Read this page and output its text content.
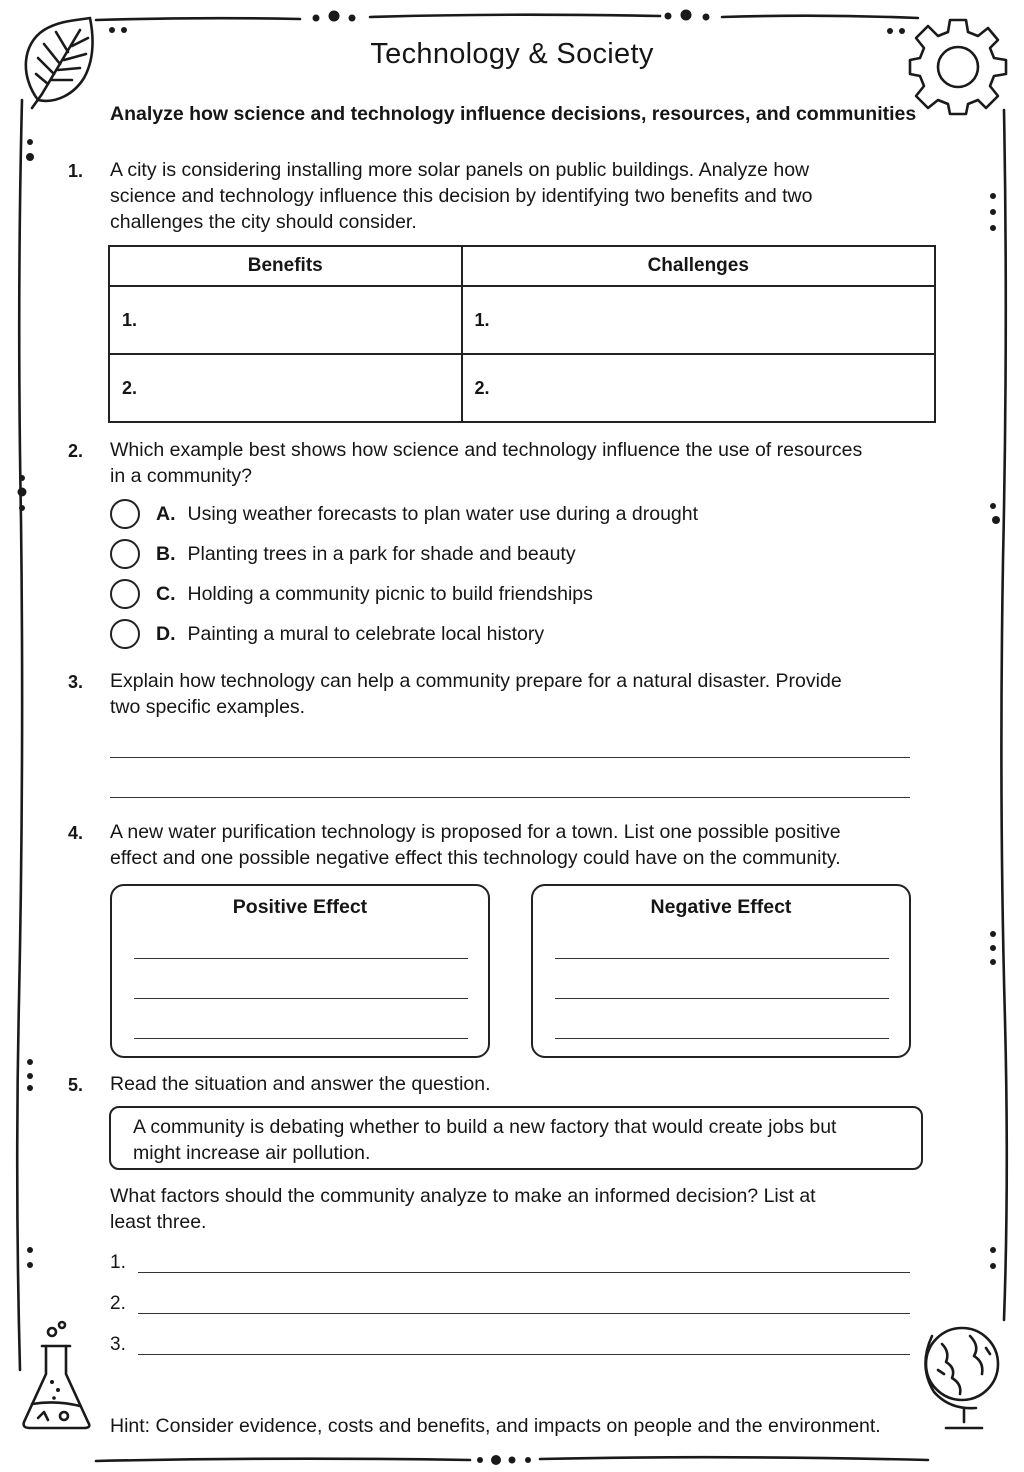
Technology & Society
Analyze how science and technology influence decisions, resources, and communities
1. A city is considering installing more solar panels on public buildings. Analyze how
science and technology influence this decision by identifying two benefits and two
challenges the city should consider.
Benefits	Challenges
1.	1.
2.	2.
2. Which example best shows how science and technology influence the use of resources
in a community?
A. Using weather forecasts to plan water use during a drought
B. Planting trees in a park for shade and beauty
C. Holding a community picnic to build friendships
D. Painting a mural to celebrate local history
3. Explain how technology can help a community prepare for a natural disaster. Provide
two specific examples.
4. A new water purification technology is proposed for a town. List one possible positive
effect and one possible negative effect this technology could have on the community.
Positive Effect	Negative Effect
5. Read the situation and answer the question.
A community is debating whether to build a new factory that would create jobs but
might increase air pollution.
What factors should the community analyze to make an informed decision? List at
least three.
1.
2.
3.
Hint: Consider evidence, costs and benefits, and impacts on people and the environment.
